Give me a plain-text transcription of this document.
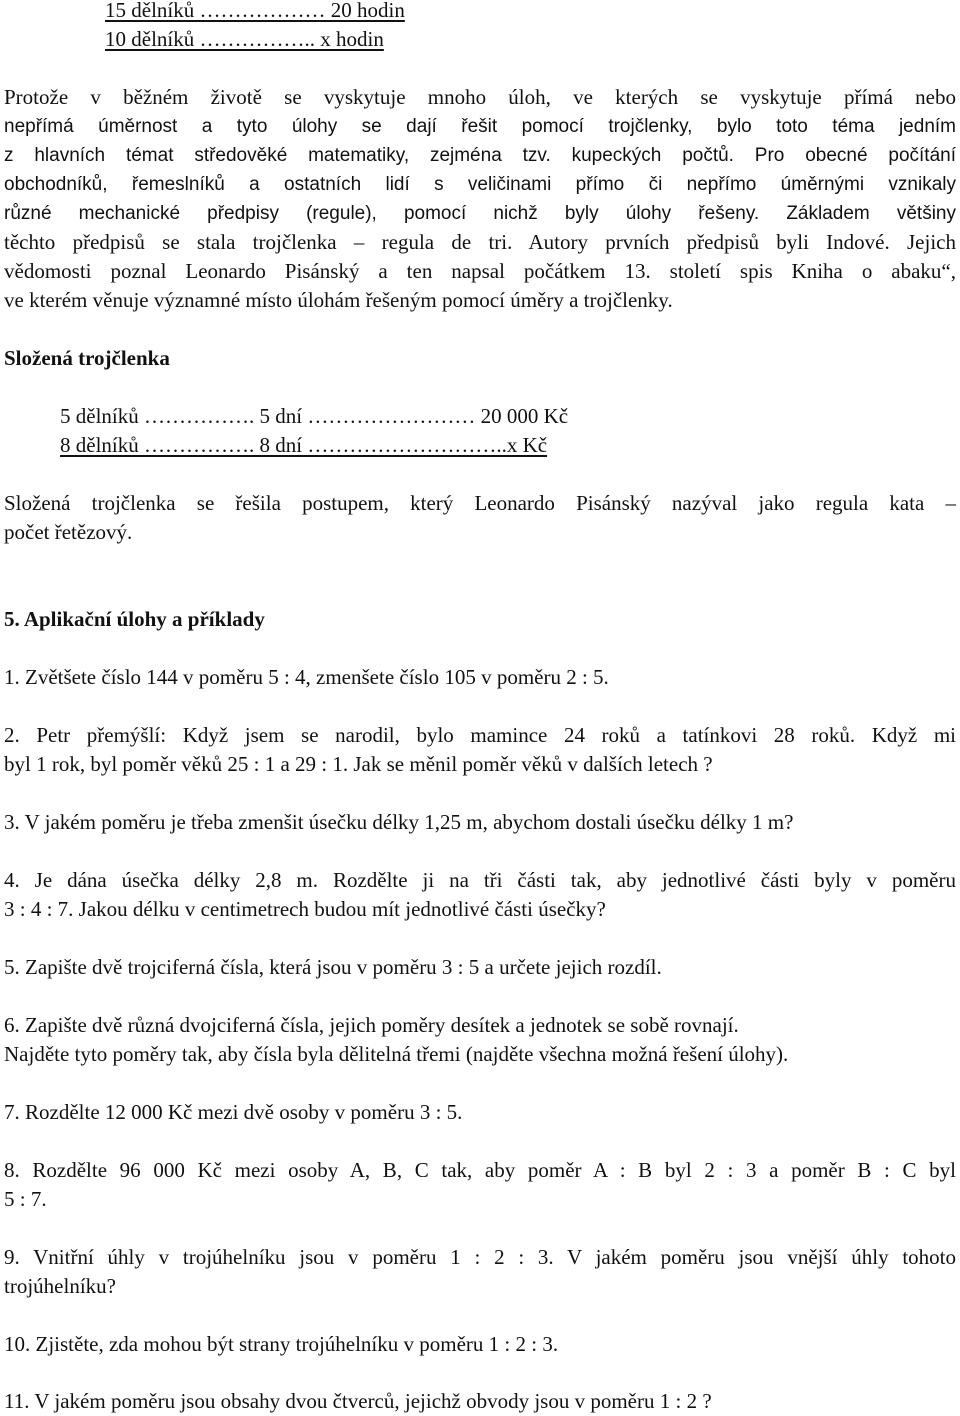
15 dělníků ……………… 20 hodin
10 dělníků …………….. x hodin
Protože v běžném životě se vyskytuje mnoho úloh, ve kterých se vyskytuje přímá nebo
nepřímá úměrnost a tyto úlohy se dají řešit pomocí trojčlenky, bylo toto téma jedním
z hlavních témat středověké matematiky, zejména tzv. kupeckých počtů. Pro obecné počítání
obchodníků, řemeslníků a ostatních lidí s veličinami přímo či nepřímo úměrnými vznikaly
různé mechanické předpisy (regule), pomocí nichž byly úlohy řešeny. Základem většiny
těchto předpisů se stala trojčlenka – regula de tri. Autory prvních předpisů byli Indové. Jejich
vědomosti poznal Leonardo Pisánský a ten napsal počátkem 13. století spis Kniha o abaku“,
ve kterém věnuje významné místo úlohám řešeným pomocí úměry a trojčlenky.
Složená trojčlenka
5 dělníků ……………. 5 dní …………………… 20 000 Kč
8 dělníků ……………. 8 dní ………………………..x Kč
Složená trojčlenka se řešila postupem, který Leonardo Pisánský nazýval jako regula kata –
počet řetězový.
5. Aplikační úlohy a příklady
1. Zvětšete číslo 144 v poměru 5 : 4, zmenšete číslo 105 v poměru 2 : 5.
2. Petr přemýšlí: Když jsem se narodil, bylo mamince 24 roků a tatínkovi 28 roků. Když mi
byl 1 rok, byl poměr věků 25 : 1 a 29 : 1. Jak se měnil poměr věků v dalších letech ?
3. V jakém poměru je třeba zmenšit úsečku délky 1,25 m, abychom dostali úsečku délky 1 m?
4. Je dána úsečka délky 2,8 m. Rozdělte ji na tři části tak, aby jednotlivé části byly v poměru
3 : 4 : 7. Jakou délku v centimetrech budou mít jednotlivé části úsečky?
5. Zapište dvě trojciferná čísla, která jsou v poměru 3 : 5 a určete jejich rozdíl.
6. Zapište dvě různá dvojciferná čísla, jejich poměry desítek a jednotek se sobě rovnají.
Najděte tyto poměry tak, aby čísla byla dělitelná třemi (najděte všechna možná řešení úlohy).
7. Rozdělte 12 000 Kč mezi dvě osoby v poměru 3 : 5.
8. Rozdělte 96 000 Kč mezi osoby A, B, C tak, aby poměr A : B byl 2 : 3 a poměr B : C byl
5 : 7.
9. Vnitřní úhly v trojúhelníku jsou v poměru 1 : 2 : 3. V jakém poměru jsou vnější úhly tohoto
trojúhelníku?
10. Zjistěte, zda mohou být strany trojúhelníku v poměru 1 : 2 : 3.
11. V jakém poměru jsou obsahy dvou čtverců, jejichž obvody jsou v poměru 1 : 2 ?
